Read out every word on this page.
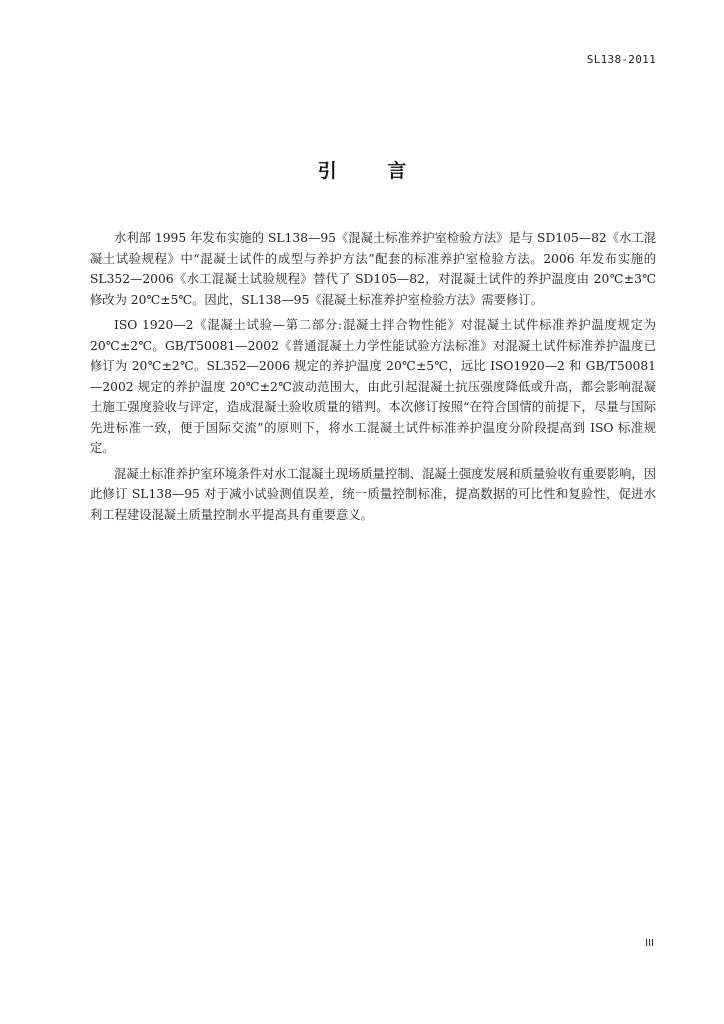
SL138-2011
引 言

水利部 1995 年发布实施的 SL138—95《混凝土标准养护室检验方法》是与 SD105—82《水工混凝土试验规程》中“混凝土试件的成型与养护方法”配套的标准养护室检验方法。2006 年发布实施的 SL352—2006《水工混凝土试验规程》替代了 SD105—82，对混凝土试件的养护温度由 20℃±3℃修改为 20℃±5℃。因此，SL138—95《混凝土标准养护室检验方法》需要修订。

ISO 1920—2《混凝土试验—第二部分:混凝土拌合物性能》对混凝土试件标准养护温度规定为 20℃±2℃。GB/T50081—2002《普通混凝土力学性能试验方法标准》对混凝土试件标准养护温度已修订为 20℃±2℃。SL352—2006 规定的养护温度 20℃±5℃，远比 ISO1920—2 和 GB/T50081—2002 规定的养护温度 20℃±2℃波动范围大，由此引起混凝土抗压强度降低或升高，都会影响混凝土施工强度验收与评定，造成混凝土验收质量的错判。本次修订按照“在符合国情的前提下，尽量与国际先进标准一致，便于国际交流”的原则下，将水工混凝土试件标准养护温度分阶段提高到 ISO 标准规定。

混凝土标准养护室环境条件对水工混凝土现场质量控制、混凝土强度发展和质量验收有重要影响，因此修订 SL138—95 对于减小试验测值误差，统一质量控制标准，提高数据的可比性和复验性，促进水利工程建设混凝土质量控制水平提高具有重要意义。

III
